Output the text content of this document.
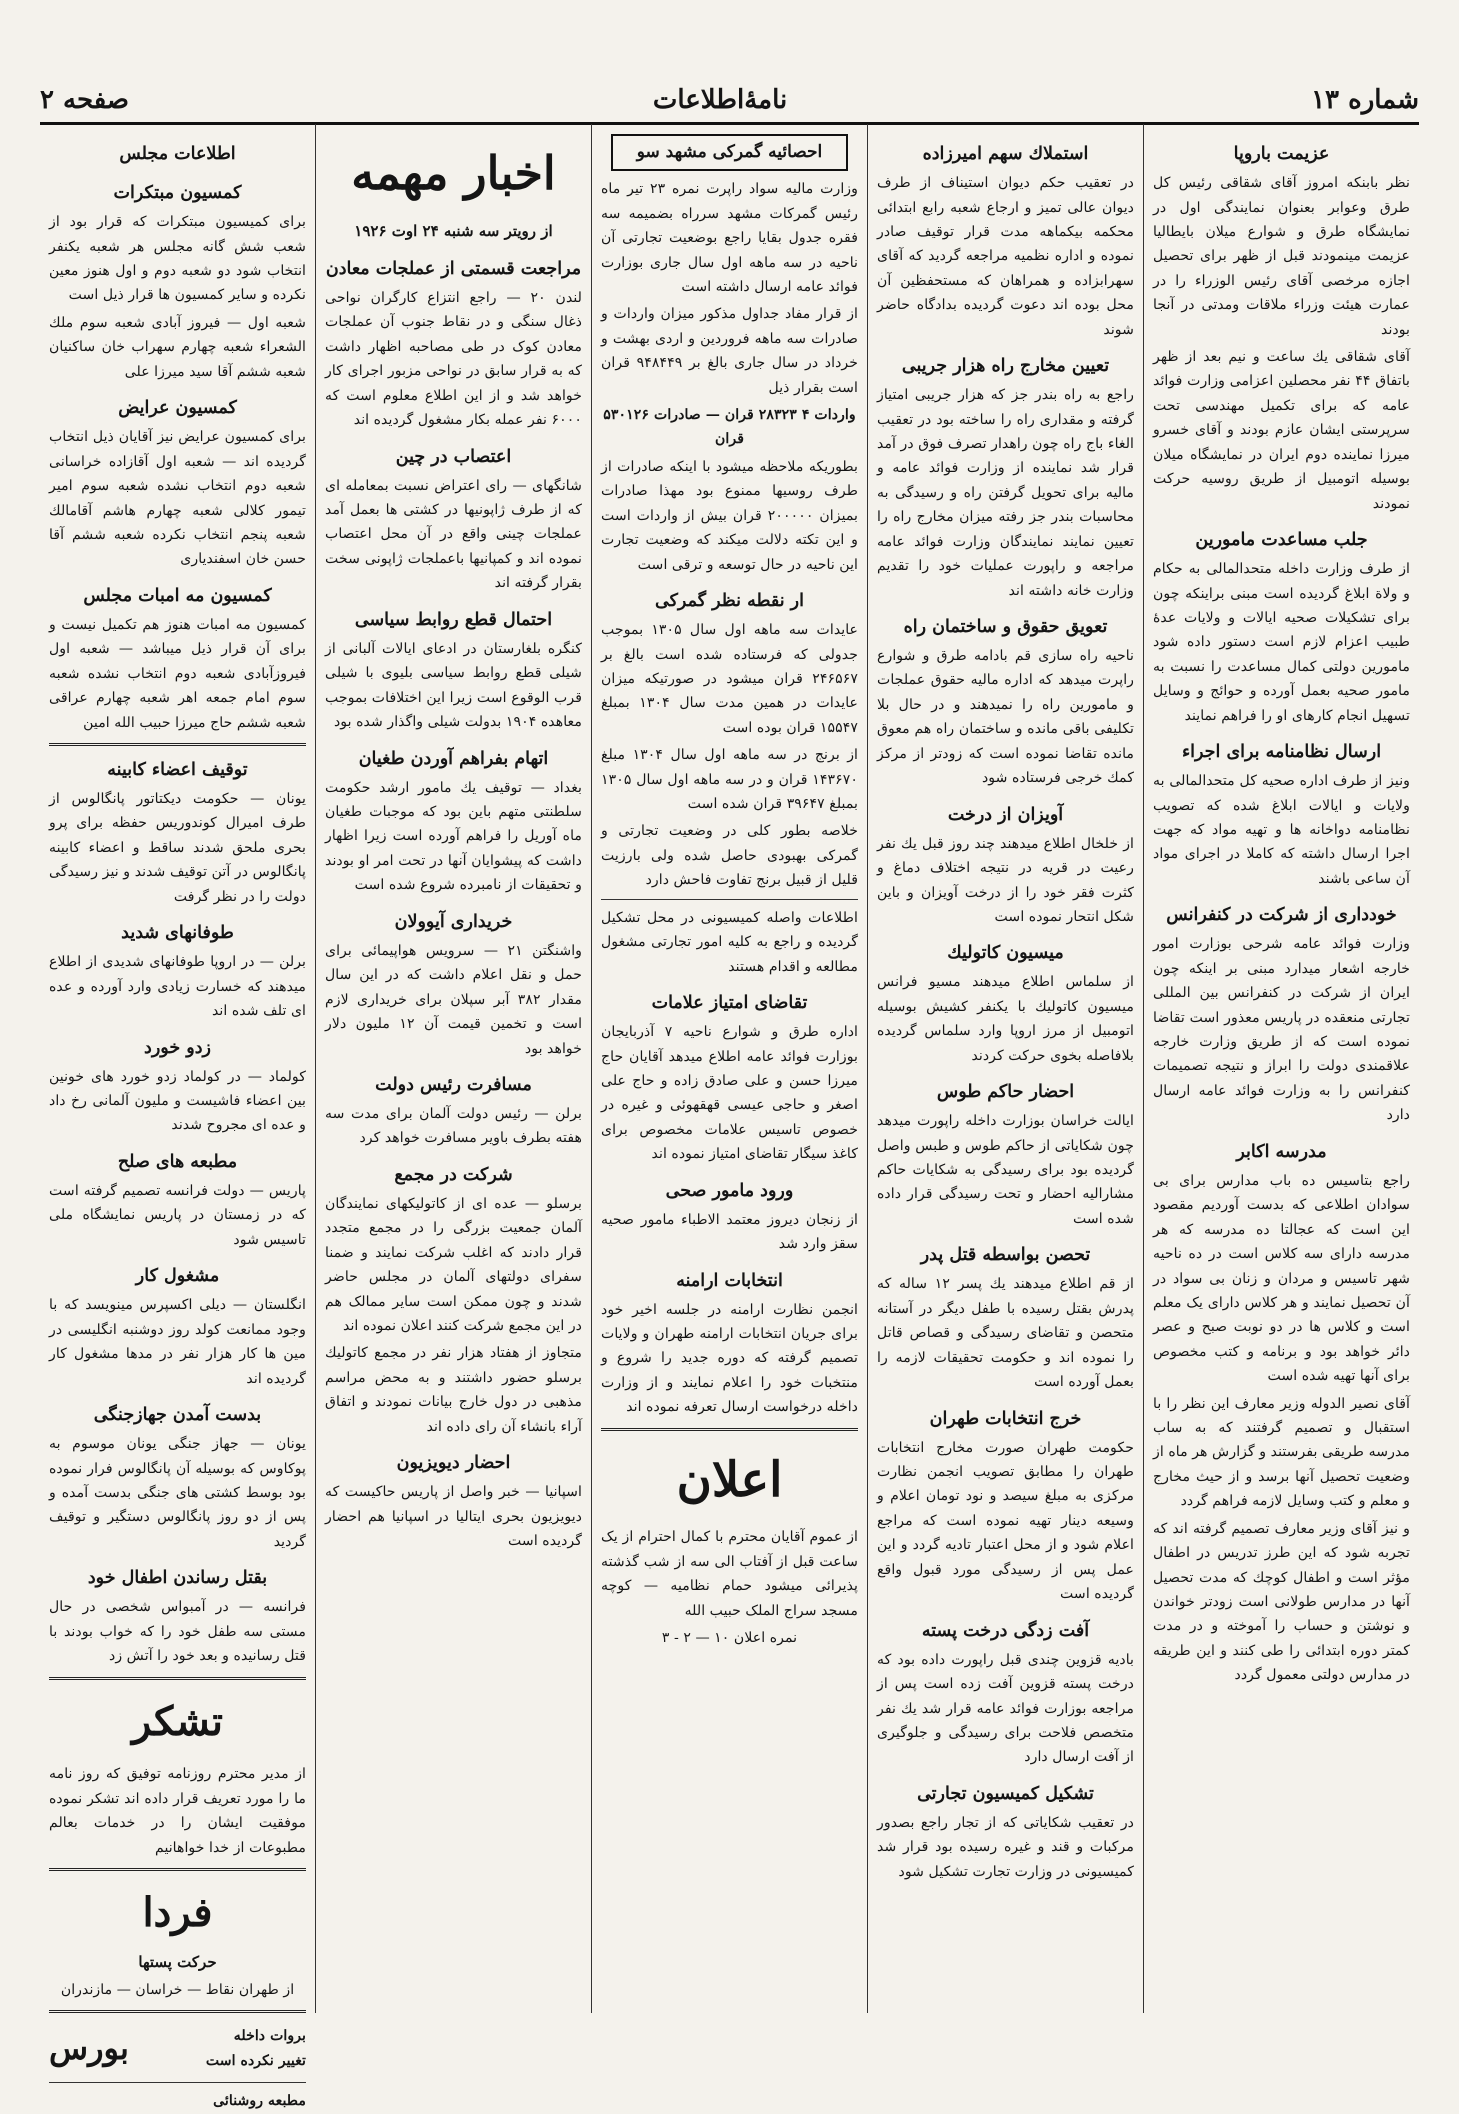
شماره ۱۳
نامۀاطلاعات
صفحه ۲
عزیمت باروپا

نظر بابنکه امروز آقای شقاقی رئیس کل طرق وعوابر بعنوان نمایندگی اول در نمایشگاه طرق و شوارع میلان بایطالیا عزیمت مینمودند قبل از ظهر برای تحصیل اجازه مرخصی آقای رئیس الوزراء را در عمارت هیئت وزراء ملاقات ومدتی در آنجا بودند

آقای شقاقی یك ساعت و نیم بعد از ظهر باتفاق ۴۴ نفر محصلین اعزامی وزارت فوائد عامه که برای تکمیل مهندسی تحت سرپرستی ایشان عازم بودند و آقای خسرو میرزا نماینده دوم ایران در نمایشگاه میلان بوسیله اتومبیل از طریق روسیه حرکت نمودند

جلب مساعدت مامورین

از طرف وزارت داخله متحدالمالی به حکام و ولاة ابلاغ گردیده است مبنی براینکه چون برای تشکیلات صحیه ایالات و ولایات عدهٔ طبیب اعزام لازم است دستور داده شود مامورین دولتی کمال مساعدت را نسبت به مامور صحیه بعمل آورده و حوائج و وسایل تسهیل انجام کارهای او را فراهم نمایند

ارسال نظامنامه برای اجراء

ونیز از طرف اداره صحیه کل متحدالمالی به ولایات و ایالات ابلاغ شده که تصویب نظامنامه دواخانه ها و تهیه مواد که جهت اجرا ارسال داشته که کاملا در اجرای مواد آن ساعی باشند

خودداری از شرکت در کنفرانس

وزارت فوائد عامه شرحی بوزارت امور خارجه اشعار میدارد مبنی بر اینکه چون ایران از شرکت در کنفرانس بین المللی تجارتی منعقده در پاریس معذور است تقاضا نموده است که از طریق وزارت خارجه علاقمندی دولت را ابراز و نتیجه تصمیمات کنفرانس را به وزارت فوائد عامه ارسال دارد

مدرسه اکابر

راجع بتاسیس ده باب مدارس برای بی سوادان اطلاعی که بدست آوردیم مقصود این است که عجالتا ده مدرسه که هر مدرسه دارای سه کلاس است در ده ناحیه شهر تاسیس و مردان و زنان بی سواد در آن تحصیل نمایند و هر کلاس دارای یک معلم است و کلاس ها در دو نوبت صبح و عصر دائر خواهد بود و برنامه و کتب مخصوص برای آنها تهیه شده است

آقای نصیر الدوله وزیر معارف این نظر را با استقبال و تصمیم گرفتند که به ساب مدرسه طریقی بفرستند و گزارش هر ماه از وضعیت تحصیل آنها برسد و از حیث مخارج و معلم و کتب وسایل لازمه فراهم گردد

و نیز آقای وزیر معارف تصمیم گرفته اند که تجربه شود که این طرز تدریس در اطفال مؤثر است و اطفال کوچك که مدت تحصیل آنها در مدارس طولانی است زودتر خواندن و نوشتن و حساب را آموخته و در مدت کمتر دوره ابتدائی را طی کنند و این طریقه در مدارس دولتی معمول گردد

استملاك سهم امیرزاده

در تعقیب حکم دیوان استیناف از طرف دیوان عالی تمیز و ارجاع شعبه رابع ابتدائی محکمه بیکماهه مدت قرار توقیف صادر نموده و اداره نظمیه مراجعه گردید که آقای سهرابزاده و همراهان که مستحفظین آن محل بوده اند دعوت گردیده بدادگاه حاضر شوند

تعیین مخارج راه هزار جریبی

راجع به راه بندر جز که هزار جریبی امتیاز گرفته و مقداری راه را ساخته بود در تعقیب الغاء باج راه چون راهدار تصرف فوق در آمد قرار شد نماینده از وزارت فوائد عامه و مالیه برای تحویل گرفتن راه و رسیدگی به محاسبات بندر جز رفته میزان مخارج راه را تعیین نمایند نمایندگان وزارت فوائد عامه مراجعه و راپورت عملیات خود را تقدیم وزارت خانه داشته اند

تعویق حقوق و ساختمان راه

ناحیه راه سازی قم بادامه طرق و شوارع راپرت میدهد که اداره مالیه حقوق عملجات و مامورین راه را نمیدهند و در حال بلا تکلیفی باقی مانده و ساختمان راه هم معوق مانده تقاضا نموده است که زودتر از مرکز کمك خرجی فرستاده شود

آویزان از درخت

از خلخال اطلاع میدهند چند روز قبل یك نفر رعیت در قریه در نتیجه اختلاف دماغ و کثرت فقر خود را از درخت آویزان و باین شکل انتحار نموده است

میسیون کاتولیك

از سلماس اطلاع میدهند مسیو فرانس میسیون کاتولیك با یکنفر کشیش بوسیله اتومبیل از مرز اروپا وارد سلماس گردیده بلافاصله بخوی حرکت کردند

احضار حاکم طوس

ایالت خراسان بوزارت داخله راپورت میدهد چون شکایاتی از حاکم طوس و طبس واصل گردیده بود برای رسیدگی به شکایات حاکم مشارالیه احضار و تحت رسیدگی قرار داده شده است

تحصن بواسطه قتل پدر

از قم اطلاع میدهند یك پسر ۱۲ ساله که پدرش بقتل رسیده با طفل دیگر در آستانه متحصن و تقاضای رسیدگی و قصاص قاتل را نموده اند و حکومت تحقیقات لازمه را بعمل آورده است

خرج انتخابات طهران

حکومت طهران صورت مخارج انتخابات طهران را مطابق تصویب انجمن نظارت مرکزی به مبلغ سیصد و نود تومان اعلام و وسیعه دینار تهیه نموده است که مراجع اعلام شود و از محل اعتبار تادیه گردد و این عمل پس از رسیدگی مورد قبول واقع گردیده است

آفت زدگی درخت پسته

بادیه قزوین چندی قبل راپورت داده بود که درخت پسته قزوین آفت زده است پس از مراجعه بوزارت فوائد عامه قرار شد یك نفر متخصص فلاحت برای رسیدگی و جلوگیری از آفت ارسال دارد

تشکیل کمیسیون تجارتی

در تعقیب شکایاتی که از تجار راجع بصدور مرکبات و قند و غیره رسیده بود قرار شد کمیسیونی در وزارت تجارت تشکیل شود

احصائیه گمرکی مشهد سو

وزارت مالیه سواد راپرت نمره ۲۳ تیر ماه رئیس گمرکات مشهد سرراه بضمیمه سه فقره جدول بقایا راجع بوضعیت تجارتی آن ناحیه در سه ماهه اول سال جاری بوزارت فوائد عامه ارسال داشته است

از قرار مفاد جداول مذکور میزان واردات و صادرات سه ماهه فروردین و اردی بهشت و خرداد در سال جاری بالغ بر ۹۴۸۴۴۹ قران است بقرار ذیل

واردات ۴ ۲۸۳۲۳ قران — صادرات ۵۳۰۱۲۶ قران

بطوریکه ملاحظه میشود با اینکه صادرات از طرف روسیها ممنوع بود مهذا صادرات بمیزان ۲۰۰۰۰۰ قران بیش از واردات است و این تکته دلالت میکند که وضعیت تجارت این ناحیه در حال توسعه و ترقی است

ار نقطه نظر گمرکی

عایدات سه ماهه اول سال ۱۳۰۵ بموجب جدولی که فرستاده شده است بالغ بر ۲۴۶۵۶۷ قران میشود در صورتیکه میزان عایدات در همین مدت سال ۱۳۰۴ بمبلغ ۱۵۵۴۷ قران بوده است

از برنج در سه ماهه اول سال ۱۳۰۴ مبلغ ۱۴۳۶۷۰ قران و در سه ماهه اول سال ۱۳۰۵ بمبلغ ۳۹۶۴۷ قران شده است

خلاصه بطور کلی در وضعیت تجارتی و گمرکی بهبودی حاصل شده ولی بارزیت قلیل از قبیل برنج تفاوت فاحش دارد

اطلاعات واصله کمیسیونی در محل تشکیل گردیده و راجع به کلیه امور تجارتی مشغول مطالعه و اقدام هستند

تقاضای امتیاز علامات

اداره طرق و شوارع ناحیه ۷ آذربایجان بوزارت فوائد عامه اطلاع میدهد آقایان حاج میرزا حسن و علی صادق زاده و حاج علی اصغر و حاجی عیسی قهقهوئی و غیره در خصوص تاسیس علامات مخصوص برای کاغذ سیگار تقاضای امتیاز نموده اند

ورود مامور صحی

از زنجان دیروز معتمد الاطباء مامور صحیه سقز وارد شد

انتخابات ارامنه

انجمن نظارت ارامنه در جلسه اخیر خود برای جریان انتخابات ارامنه طهران و ولایات تصمیم گرفته که دوره جدید را شروع و منتخبات خود را اعلام نمایند و از وزارت داخله درخواست ارسال تعرفه نموده اند

اعلان

از عموم آقایان محترم با کمال احترام از یک ساعت قبل از آفتاب الی سه از شب گذشته پذیرائی میشود حمام نظامیه — کوچه مسجد سراج الملک حبیب الله

نمره اعلان ۱۰ — ۲ - ۳

اخبار مهمه
از رویتر سه شنبه ۲۴ اوت ۱۹۲۶
مراجعت قسمتی از عملجات معادن

لندن ۲۰ — راجع انتزاع کارگران نواحی ذغال سنگی و در نقاط جنوب آن عملجات معادن کوک در طی مصاحبه اظهار داشت که به قرار سابق در نواحی مزبور اجرای کار خواهد شد و از این اطلاع معلوم است که ۶۰۰۰ نفر عمله بکار مشغول گردیده اند

اعتصاب در چین

شانگهای — رای اعتراض نسبت بمعامله ای که از طرف ژاپونیها در کشتی ها بعمل آمد عملجات چینی واقع در آن محل اعتصاب نموده اند و کمپانیها باعملجات ژاپونی سخت بقرار گرفته اند

احتمال قطع روابط سیاسی

کنگره بلغارستان در ادعای ایالات آلبانی از شیلی قطع روابط سیاسی بلیوی با شیلی قرب الوقوع است زیرا این اختلافات بموجب معاهده ۱۹۰۴ بدولت شیلی واگذار شده بود

اتهام بفراهم آوردن طغیان

بغداد — توقیف یك مامور ارشد حکومت سلطنتی متهم باین بود که موجبات طغیان ماه آوریل را فراهم آورده است زیرا اظهار داشت که پیشوایان آنها در تحت امر او بودند و تحقیقات از نامبرده شروع شده است

خریداری آیوولان

واشنگتن ۲۱ — سرویس هواپیمائی برای حمل و نقل اعلام داشت که در این سال مقدار ۳۸۲ آبر سپلان برای خریداری لازم است و تخمین قیمت آن ۱۲ ملیون دلار خواهد بود

مسافرت رئیس دولت

برلن — رئیس دولت آلمان برای مدت سه هفته بطرف باویر مسافرت خواهد کرد

شرکت در مجمع

برسلو — عده ای از کاتولیکهای نمایندگان آلمان جمعیت بزرگی را در مجمع متجدد قرار دادند که اغلب شرکت نمایند و ضمنا سفرای دولتهای آلمان در مجلس حاضر شدند و چون ممکن است سایر ممالک هم در این مجمع شرکت کنند اعلان نموده اند

متجاوز از هفتاد هزار نفر در مجمع کاتولیك برسلو حضور داشتند و به محض مراسم مذهبی در دول خارج بیانات نمودند و اتفاق آراء بانشاء آن رای داده اند

احضار دیویزیون

اسپانیا — خبر واصل از پاریس حاکیست که دیویزیون بحری ایتالیا در اسپانیا هم احضار گردیده است

اطلاعات مجلس
کمسیون مبتکرات

برای کمیسیون مبتکرات که قرار بود از شعب شش گانه مجلس هر شعبه یکنفر انتخاب شود دو شعبه دوم و اول هنوز معین نکرده و سایر کمسیون ها قرار ذیل است

شعبه اول — فیروز آبادی شعبه سوم ملك الشعراء شعبه چهارم سهراب خان ساکنیان شعبه ششم آقا سید میرزا علی

کمسیون عرایض

برای کمسیون عرایض نیز آقایان ذیل انتخاب گردیده اند — شعبه اول آقازاده خراسانی شعبه دوم انتخاب نشده شعبه سوم امیر تیمور کلالی شعبه چهارم هاشم آقامالك شعبه پنجم انتخاب نکرده شعبه ششم آقا حسن خان اسفندیاری

کمسیون مه امبات مجلس

کمسیون مه امبات هنوز هم تکمیل نیست و برای آن قرار ذیل میباشد — شعبه اول فیروزآبادی شعبه دوم انتخاب نشده شعبه سوم امام جمعه اهر شعبه چهارم عراقی شعبه ششم حاج میرزا حبیب الله امین

توقیف اعضاء کابینه

یونان — حکومت دیکتاتور پانگالوس از طرف امیرال کوندوریس حفظه برای پرو بحری ملحق شدند ساقط و اعضاء کابینه پانگالوس در آتن توقیف شدند و نیز رسیدگی دولت را در نظر گرفت

طوفانهای شدید

برلن — در اروپا طوفانهای شدیدی از اطلاع میدهند که خسارت زیادی وارد آورده و عده ای تلف شده اند

زدو خورد

کولماد — در کولماد زدو خورد های خونین بین اعضاء فاشیست و ملیون آلمانی رخ داد و عده ای مجروح شدند

مطبعه های صلح

پاریس — دولت فرانسه تصمیم گرفته است که در زمستان در پاریس نمایشگاه ملی تاسیس شود

مشغول کار

انگلستان — دیلی اکسپرس مینویسد که با وجود ممانعت کولد روز دوشنبه انگلیسی در مین ها کار هزار نفر در مدها مشغول کار گردیده اند

بدست آمدن جهازجنگی

یونان — جهاز جنگی یونان موسوم به پوکاوس که بوسیله آن پانگالوس فرار نموده بود بوسط کشتی های جنگی بدست آمده و پس از دو روز پانگالوس دستگیر و توقیف گردید

بقتل رساندن اطفال خود

فرانسه — در آمبواس شخصی در حال مستی سه طفل خود را که خواب بودند با قتل رسانیده و بعد خود را آتش زد

تشکر

از مدیر محترم روزنامه توفیق که روز نامه ما را مورد تعریف قرار داده اند تشکر نموده موفقیت ایشان را در خدمات بعالم مطبوعات از خدا خواهانیم

فردا
حرکت پستها

از طهران نقاط — خراسان — مازندران

بروات داخله
تغییر نکرده است
بورس

مطبعه روشنائی
